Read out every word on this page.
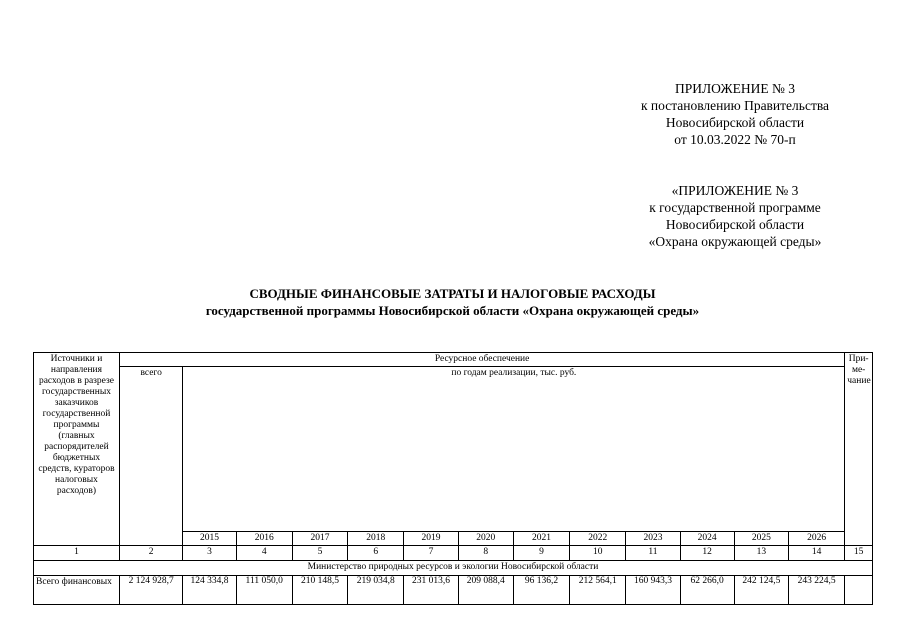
ПРИЛОЖЕНИЕ № 3
к постановлению Правительства
Новосибирской области
от 10.03.2022 № 70-п
«ПРИЛОЖЕНИЕ № 3
к государственной программе
Новосибирской области
«Охрана окружающей среды»
СВОДНЫЕ ФИНАНСОВЫЕ ЗАТРАТЫ И НАЛОГОВЫЕ РАСХОДЫ
государственной программы Новосибирской области «Охрана окружающей среды»
Источники и направления расходов в разрезе государственных заказчиков государственной программы (главных распорядителей бюджетных средств, кураторов налоговых расходов)	Ресурсное обеспечение													При-ме-чание
	всего	по годам реализации, тыс. руб.												
		2015	2016	2017	2018	2019	2020	2021	2022	2023	2024	2025	2026	
1	2	3	4	5	6	7	8	9	10	11	12	13	14	15
Министерство природных ресурсов и экологии Новосибирской области														
Всего финансовых	2 124 928,7	124 334,8	111 050,0	210 148,5	219 034,8	231 013,6	209 088,4	96 136,2	212 564,1	160 943,3	62 266,0	242 124,5	243 224,5	
